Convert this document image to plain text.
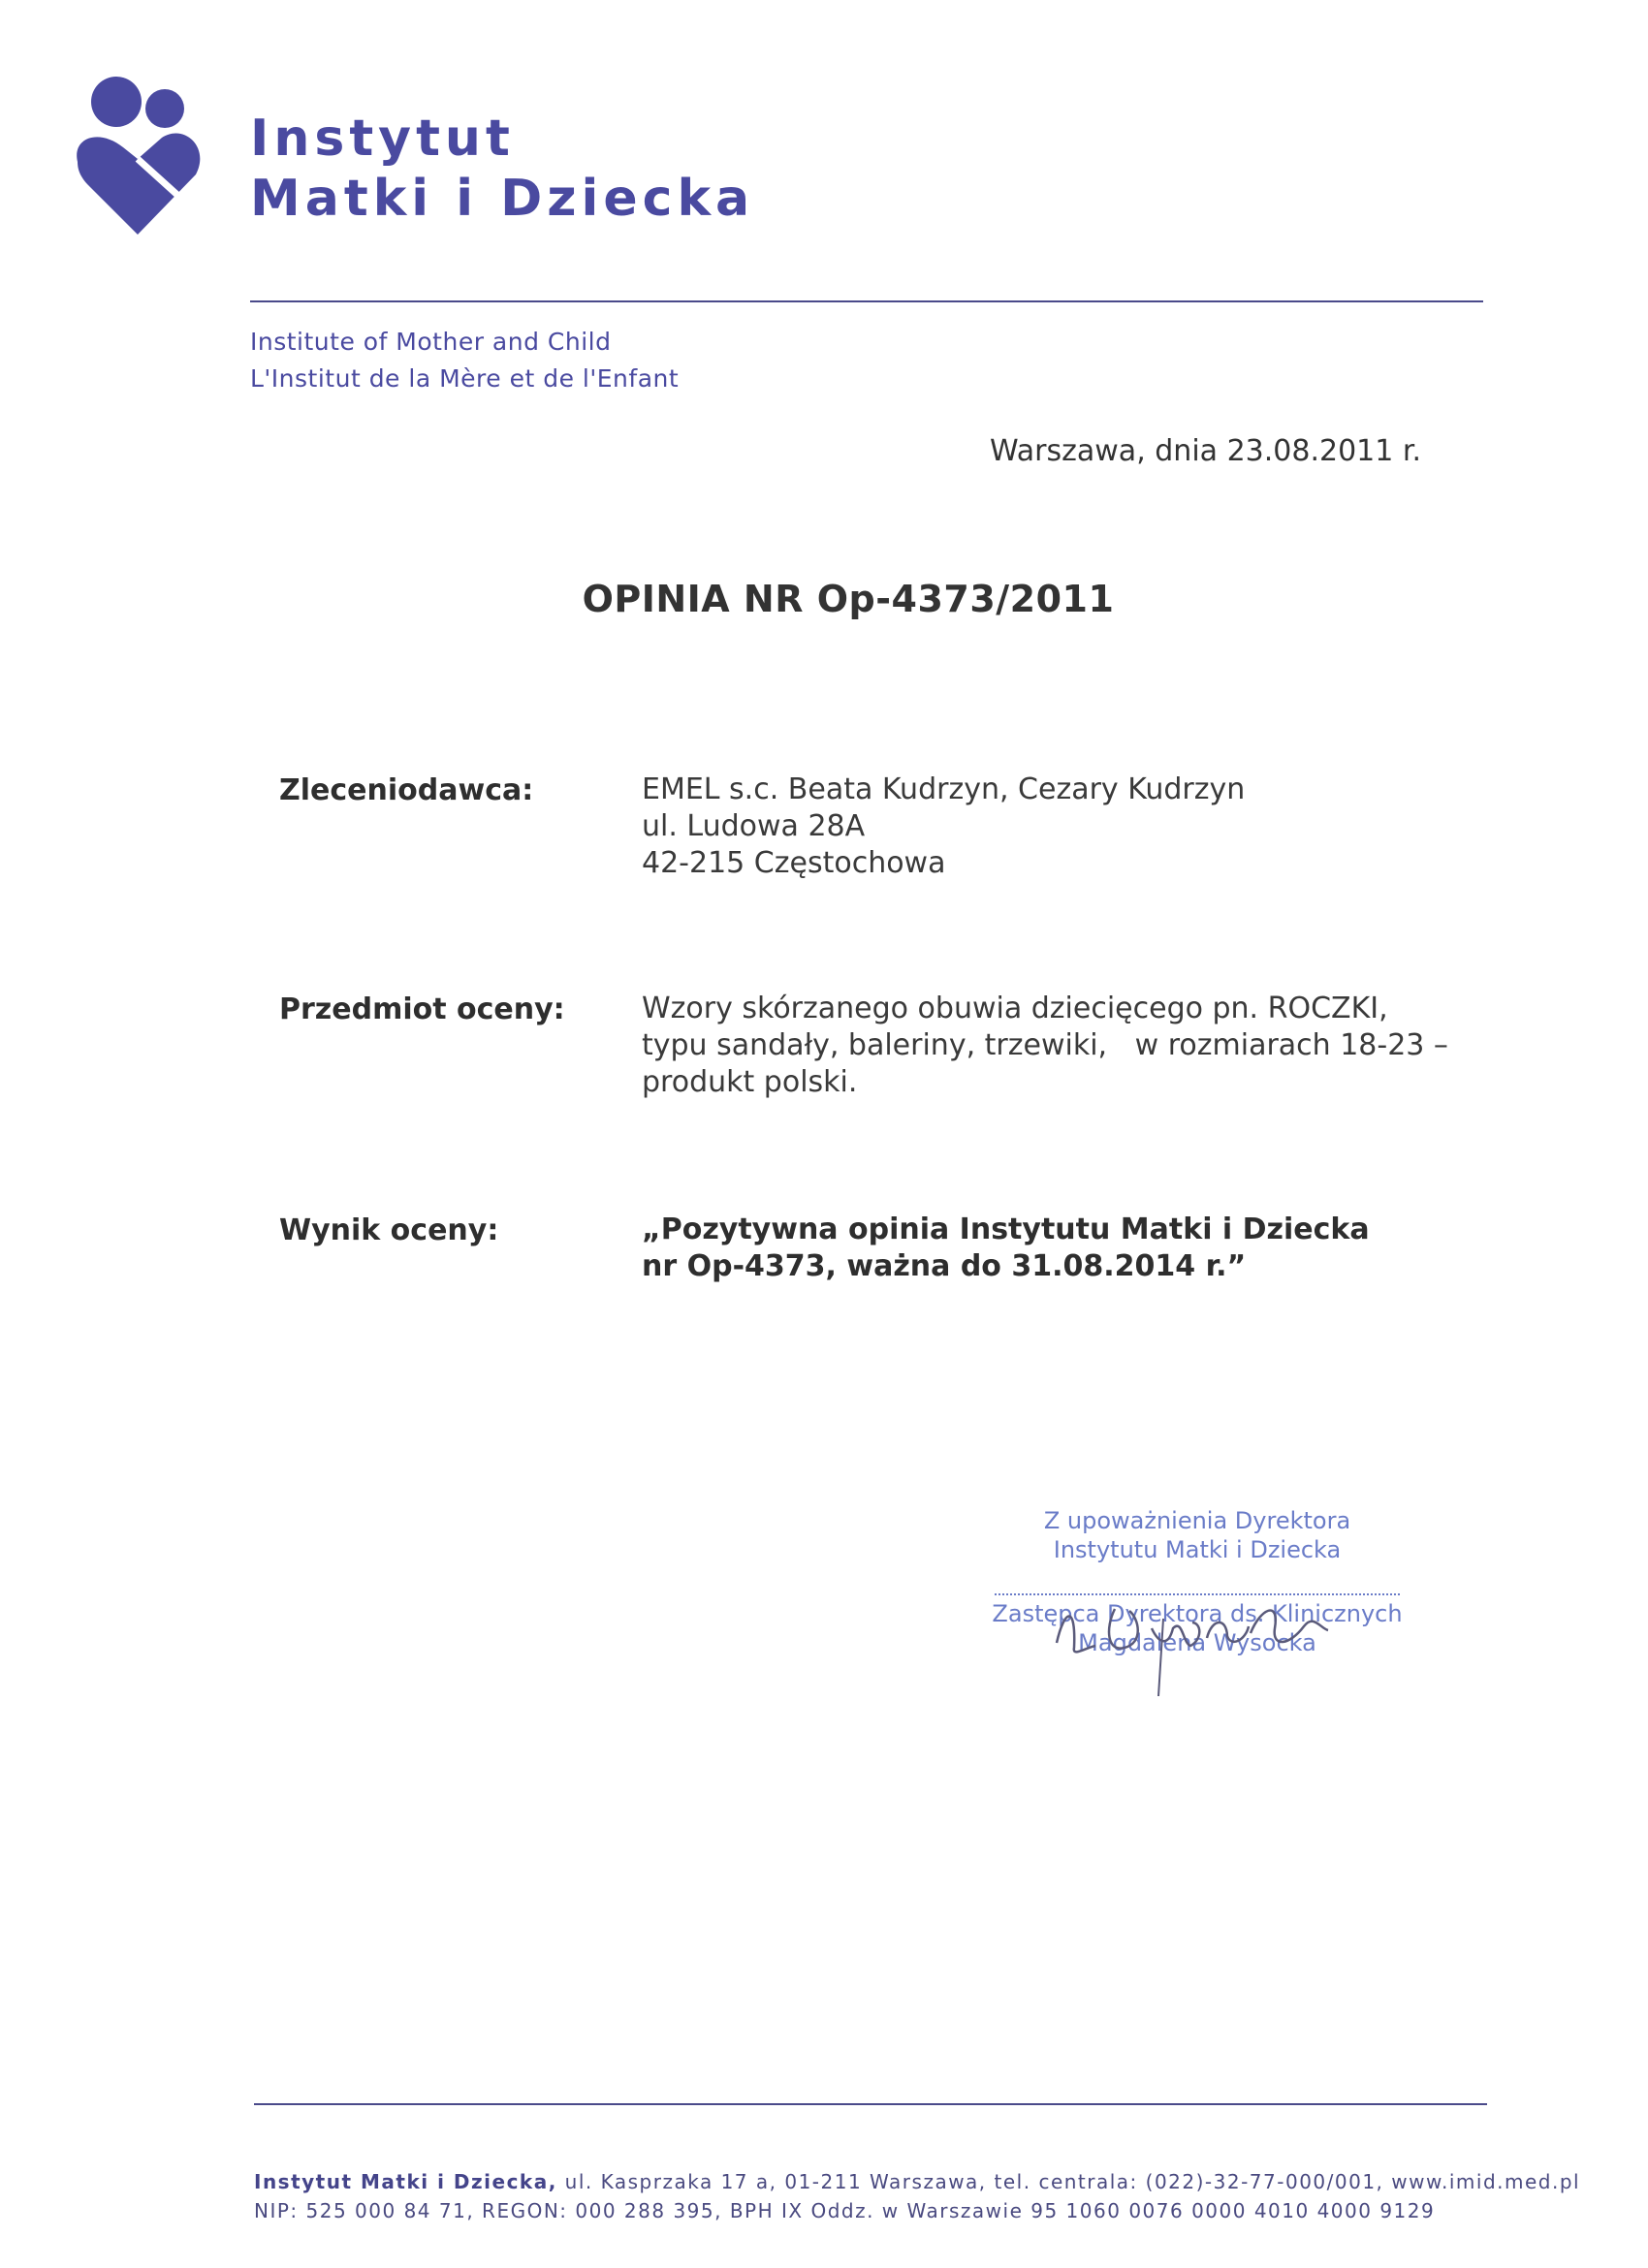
Instytut
Matki i Dziecka
Institute of Mother and Child
L'Institut de la Mère et de l'Enfant
Warszawa, dnia 23.08.2011 r.
OPINIA NR Op-4373/2011
Zleceniodawca:	EMEL s.c. Beata Kudrzyn, Cezary Kudrzyn
ul. Ludowa 28A
42-215 Częstochowa
Przedmiot oceny:	Wzory skórzanego obuwia dziecięcego pn. ROCZKI,
typu sandały, baleriny, trzewiki,   w rozmiarach 18-23 –
produkt polski.
Wynik oceny:	„Pozytywna opinia Instytutu Matki i Dziecka
nr Op-4373, ważna do 31.08.2014 r.”
Z upoważnienia Dyrektora
Instytutu Matki i Dziecka
Zastępca Dyrektora ds. Klinicznych
Magdalena Wysocka
Instytut Matki i Dziecka, ul. Kasprzaka 17 a, 01-211 Warszawa, tel. centrala: (022)-32-77-000/001, www.imid.med.pl
NIP: 525 000 84 71, REGON: 000 288 395, BPH IX Oddz. w Warszawie 95 1060 0076 0000 4010 4000 9129
